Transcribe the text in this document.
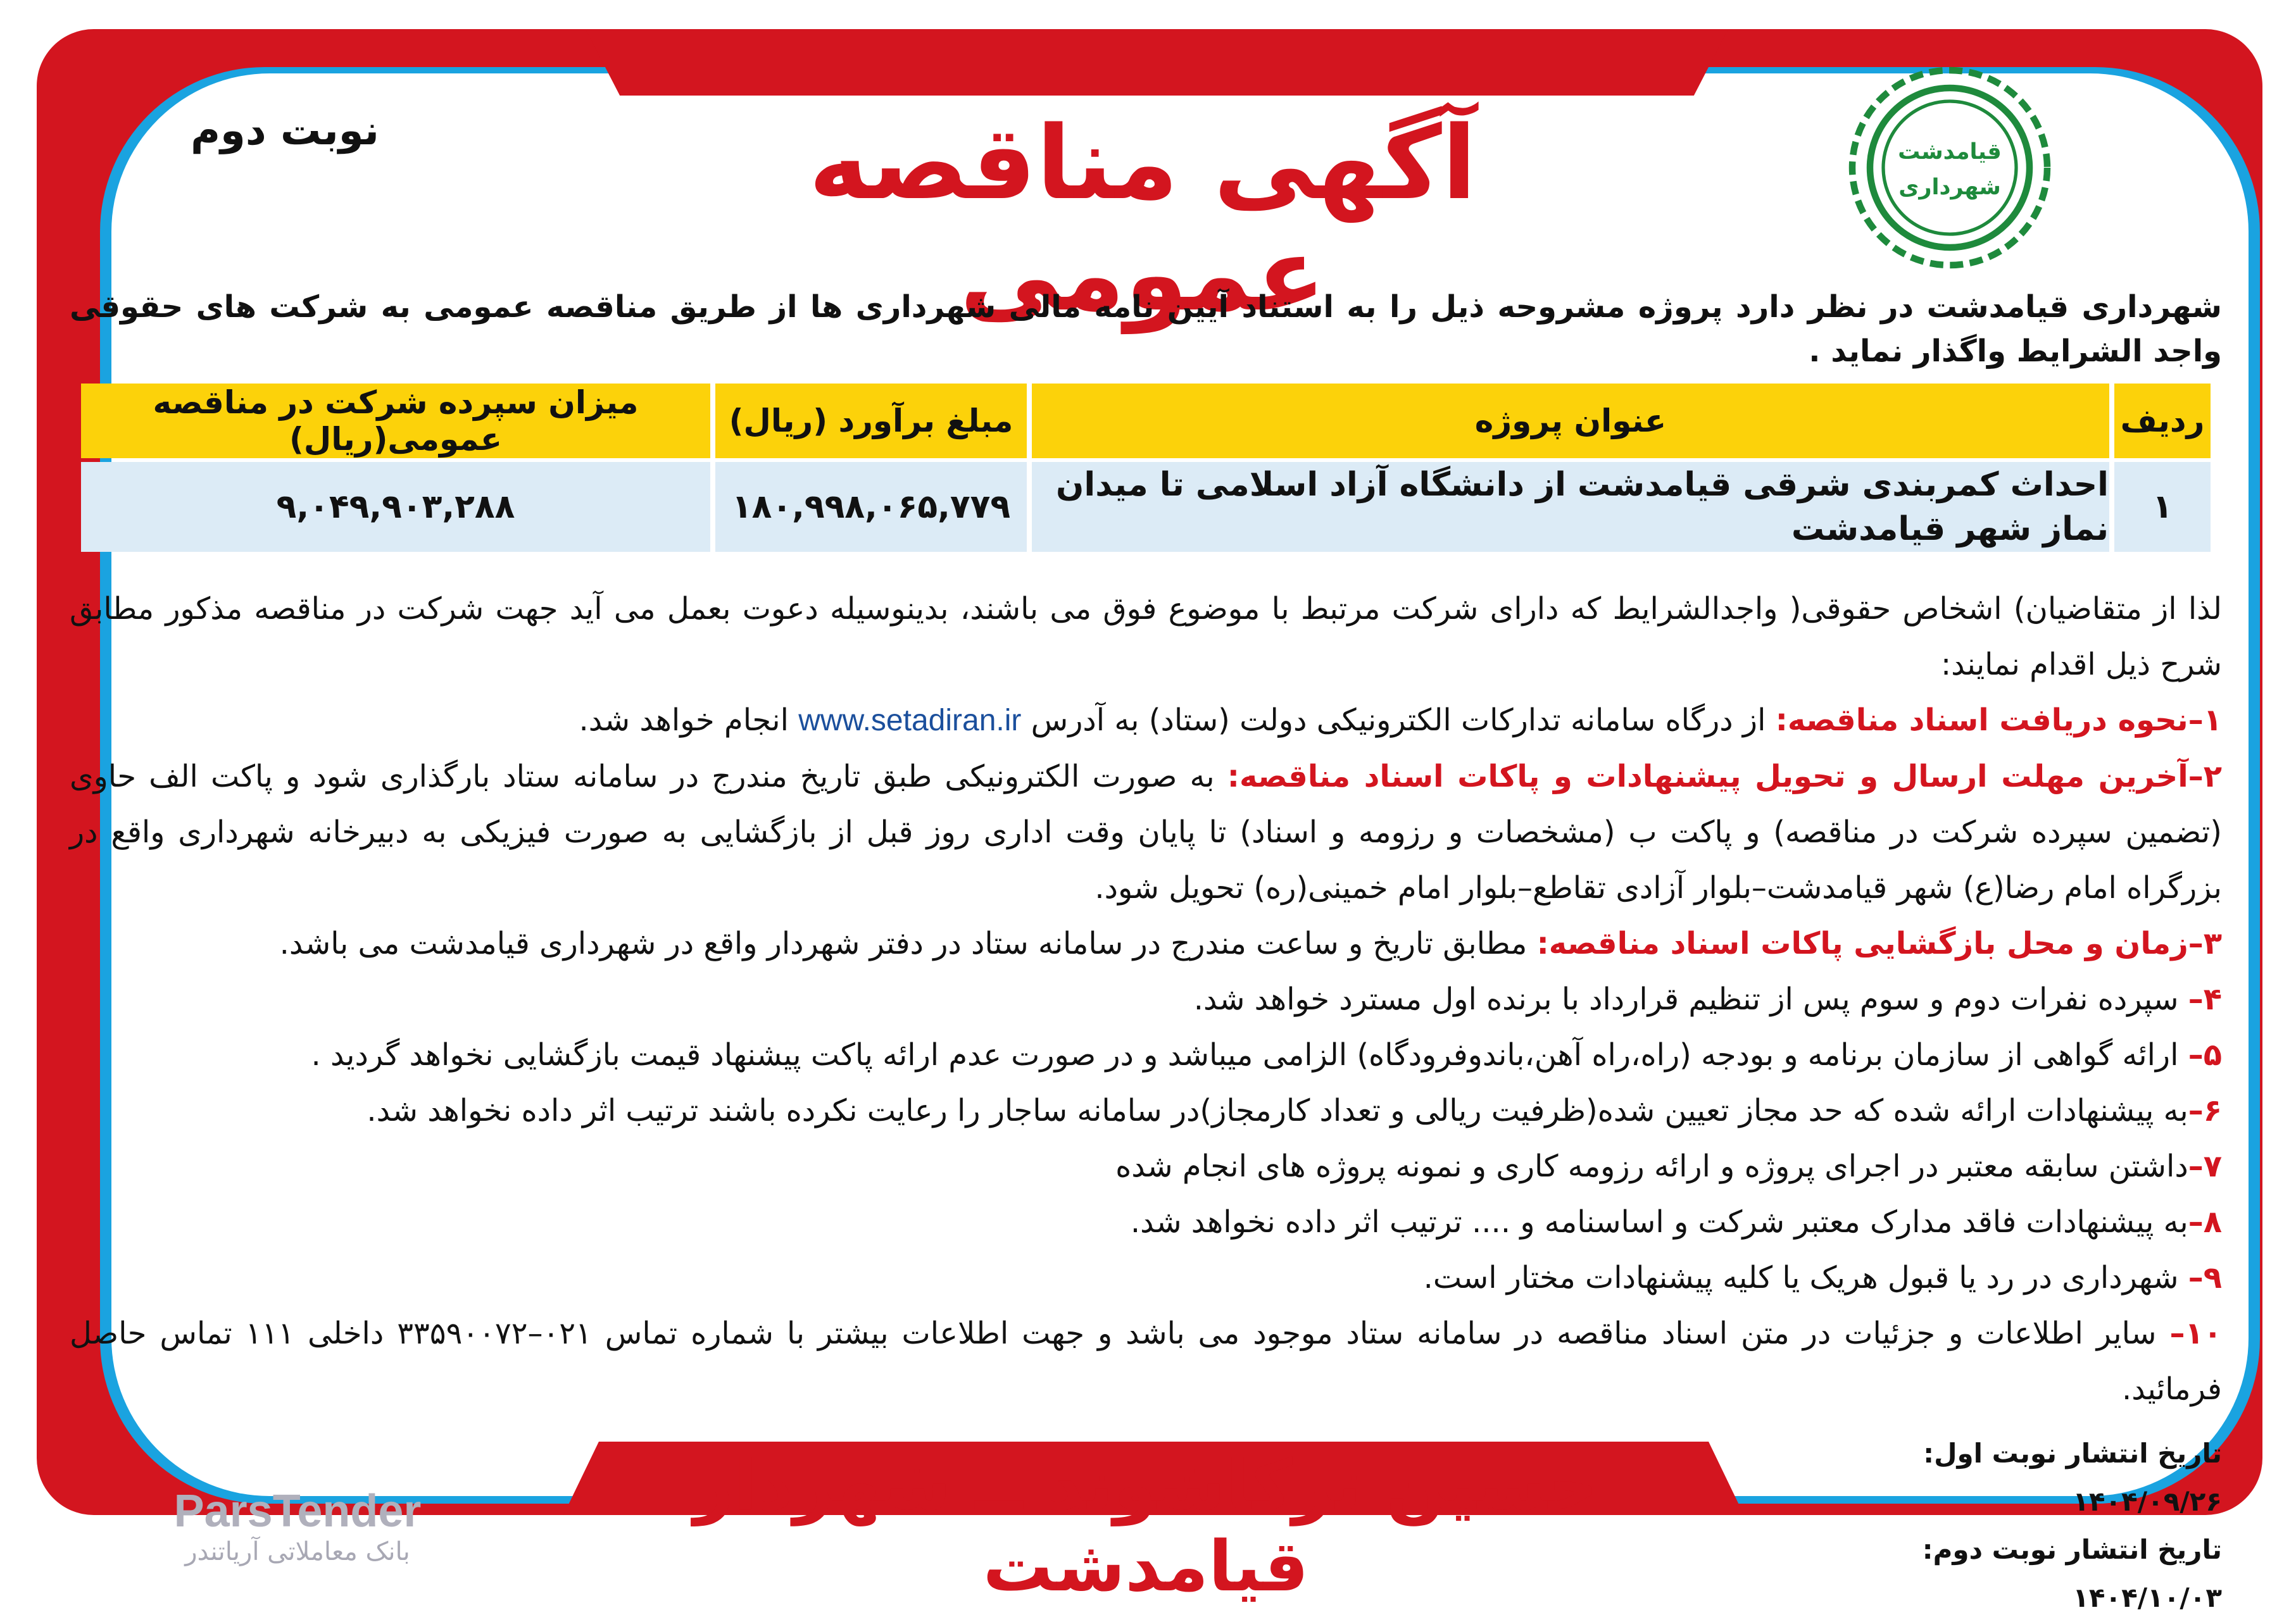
قیامدشت
شهرداری
نوبت دوم	آگهی مناقصه عمومی
شهرداری قیامدشت در نظر دارد پروژه مشروحه ذیل را به استناد آیین نامه مالی شهرداری ها از طریق مناقصه عمومی به شرکت های حقوقی واجد الشرایط واگذار نماید .
ردیف	عنوان پروژه	مبلغ برآورد (ریال)	میزان سپرده شرکت در مناقصه عمومی(ریال)
۱	احداث کمربندی شرقی قیامدشت از دانشگاه آزاد اسلامی تا میدان نماز شهر قیامدشت	۱۸۰,۹۹۸,۰۶۵,۷۷۹	۹,۰۴۹,۹۰۳,۲۸۸

لذا از متقاضیان) اشخاص حقوقی( واجدالشرایط که دارای شرکت مرتبط با موضوع فوق می باشند، بدینوسیله دعوت بعمل می آید جهت شرکت در مناقصه مذکور مطابق شرح ذیل اقدام نمایند:

۱–نحوه دریافت اسناد مناقصه: از درگاه سامانه تدارکات الکترونیکی دولت (ستاد) به آدرس www.setadiran.ir انجام خواهد شد.

۲–آخرین مهلت ارسال و تحویل پیشنهادات و پاکات اسناد مناقصه: به صورت الکترونیکی طبق تاریخ مندرج در سامانه ستاد بارگذاری شود و پاکت الف حاوی (تضمین سپرده شرکت در مناقصه) و پاکت ب (مشخصات و رزومه و اسناد) تا پایان وقت اداری روز قبل از بازگشایی به صورت فیزیکی به دبیرخانه شهرداری واقع در بزرگراه امام رضا(ع) شهر قیامدشت–بلوار آزادی تقاطع–بلوار امام خمینی(ره) تحویل شود.

۳–زمان و محل بازگشایی پاکات اسناد مناقصه: مطابق تاریخ و ساعت مندرج در سامانه ستاد در دفتر شهردار واقع در شهرداری قیامدشت می باشد.

۴– سپرده نفرات دوم و سوم پس از تنظیم قرارداد با برنده اول مسترد خواهد شد.

۵– ارائه گواهی از سازمان برنامه و بودجه (راه،راه آهن،باندوفرودگاه) الزامی میباشد و در صورت عدم ارائه پاکت پیشنهاد قیمت بازگشایی نخواهد گردید .

۶–به پیشنهادات ارائه شده که حد مجاز تعیین شده(ظرفیت ریالی و تعداد کارمجاز)در سامانه ساجار را رعایت نکرده باشند ترتیب اثر داده نخواهد شد.

۷–داشتن سابقه معتبر در اجرای پروژه و ارائه رزومه کاری و نمونه پروژه های انجام شده

۸–به پیشنهادات فاقد مدارک معتبر شرکت و اساسنامه و .... ترتیب اثر داده نخواهد شد.

۹– شهرداری در رد یا قبول هریک یا کلیه پیشنهادات مختار است.

۱۰– سایر اطلاعات و جزئیات در متن اسناد مناقصه در سامانه ستاد موجود می باشد و جهت اطلاعات بیشتر با شماره تماس ۰۲۱–۳۳۵۹۰۰۷۲ داخلی ۱۱۱ تماس حاصل فرمائید.

تاریخ انتشار نوبت اول: ۱۴۰۴/۰۹/۲۶
تاریخ انتشار نوبت دوم: ۱۴۰۴/۱۰/۰۳
حسین ترکاشوند ــ شهردار قیامدشت
ParsTender
بانک معاملاتی آریاتندر
